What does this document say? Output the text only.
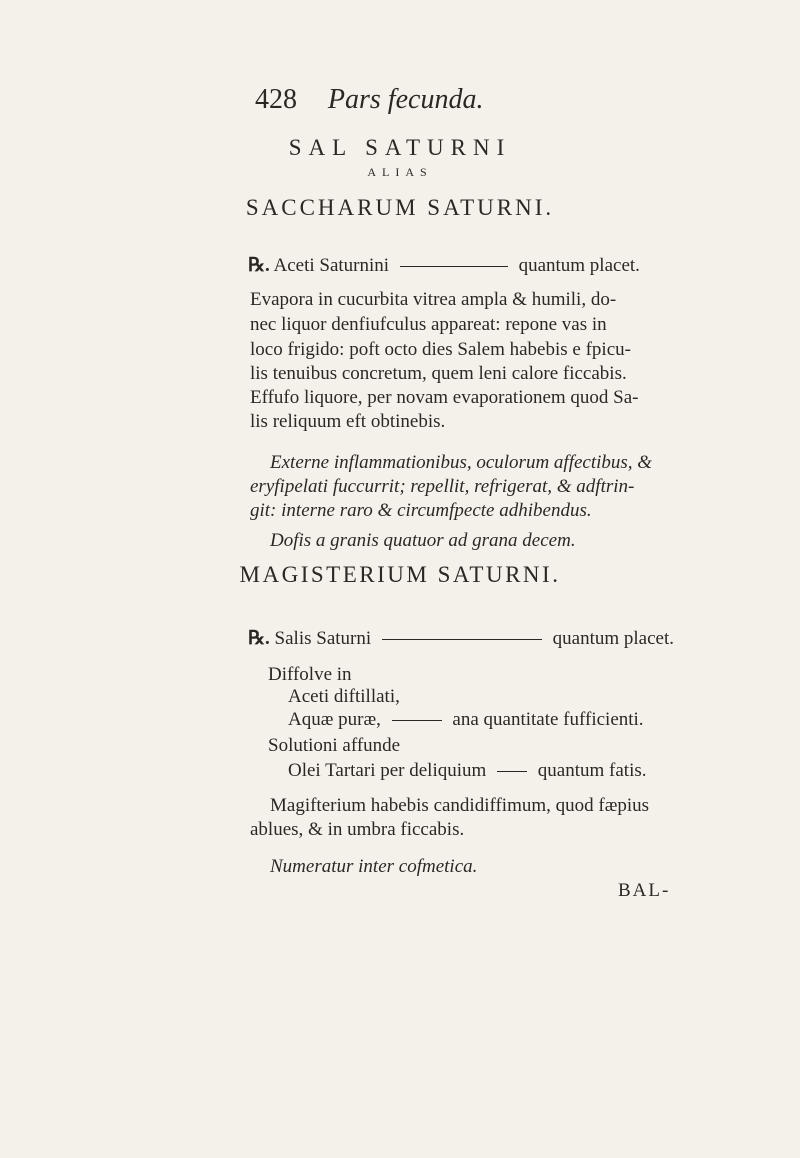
428 Pars fecunda.
SAL SATURNI
ALIAS
SACCHARUM SATURNI.
℞. Aceti Saturnini	quantum placet.
Evapora in cucurbita vitrea ampla & humili, do-
nec liquor denfiufculus appareat: repone vas in
loco frigido: poft octo dies Salem habebis e fpicu-
lis tenuibus concretum, quem leni calore ficcabis.
Effufo liquore, per novam evaporationem quod Sa-
lis reliquum eft obtinebis.
Externe inflammationibus, oculorum affectibus, &
eryfipelati fuccurrit; repellit, refrigerat, & adftrin-
git: interne raro & circumfpecte adhibendus.
Dofis a granis quatuor ad grana decem.
MAGISTERIUM SATURNI.
℞. Salis Saturni	quantum placet.
Diffolve in
Aceti diftillati,
Aquæ puræ,	ana quantitate fufficienti.
Solutioni affunde
Olei Tartari per deliquium	quantum fatis.
Magifterium habebis candidiffimum, quod fæpius
ablues, & in umbra ficcabis.
Numeratur inter cofmetica.
BAL-
